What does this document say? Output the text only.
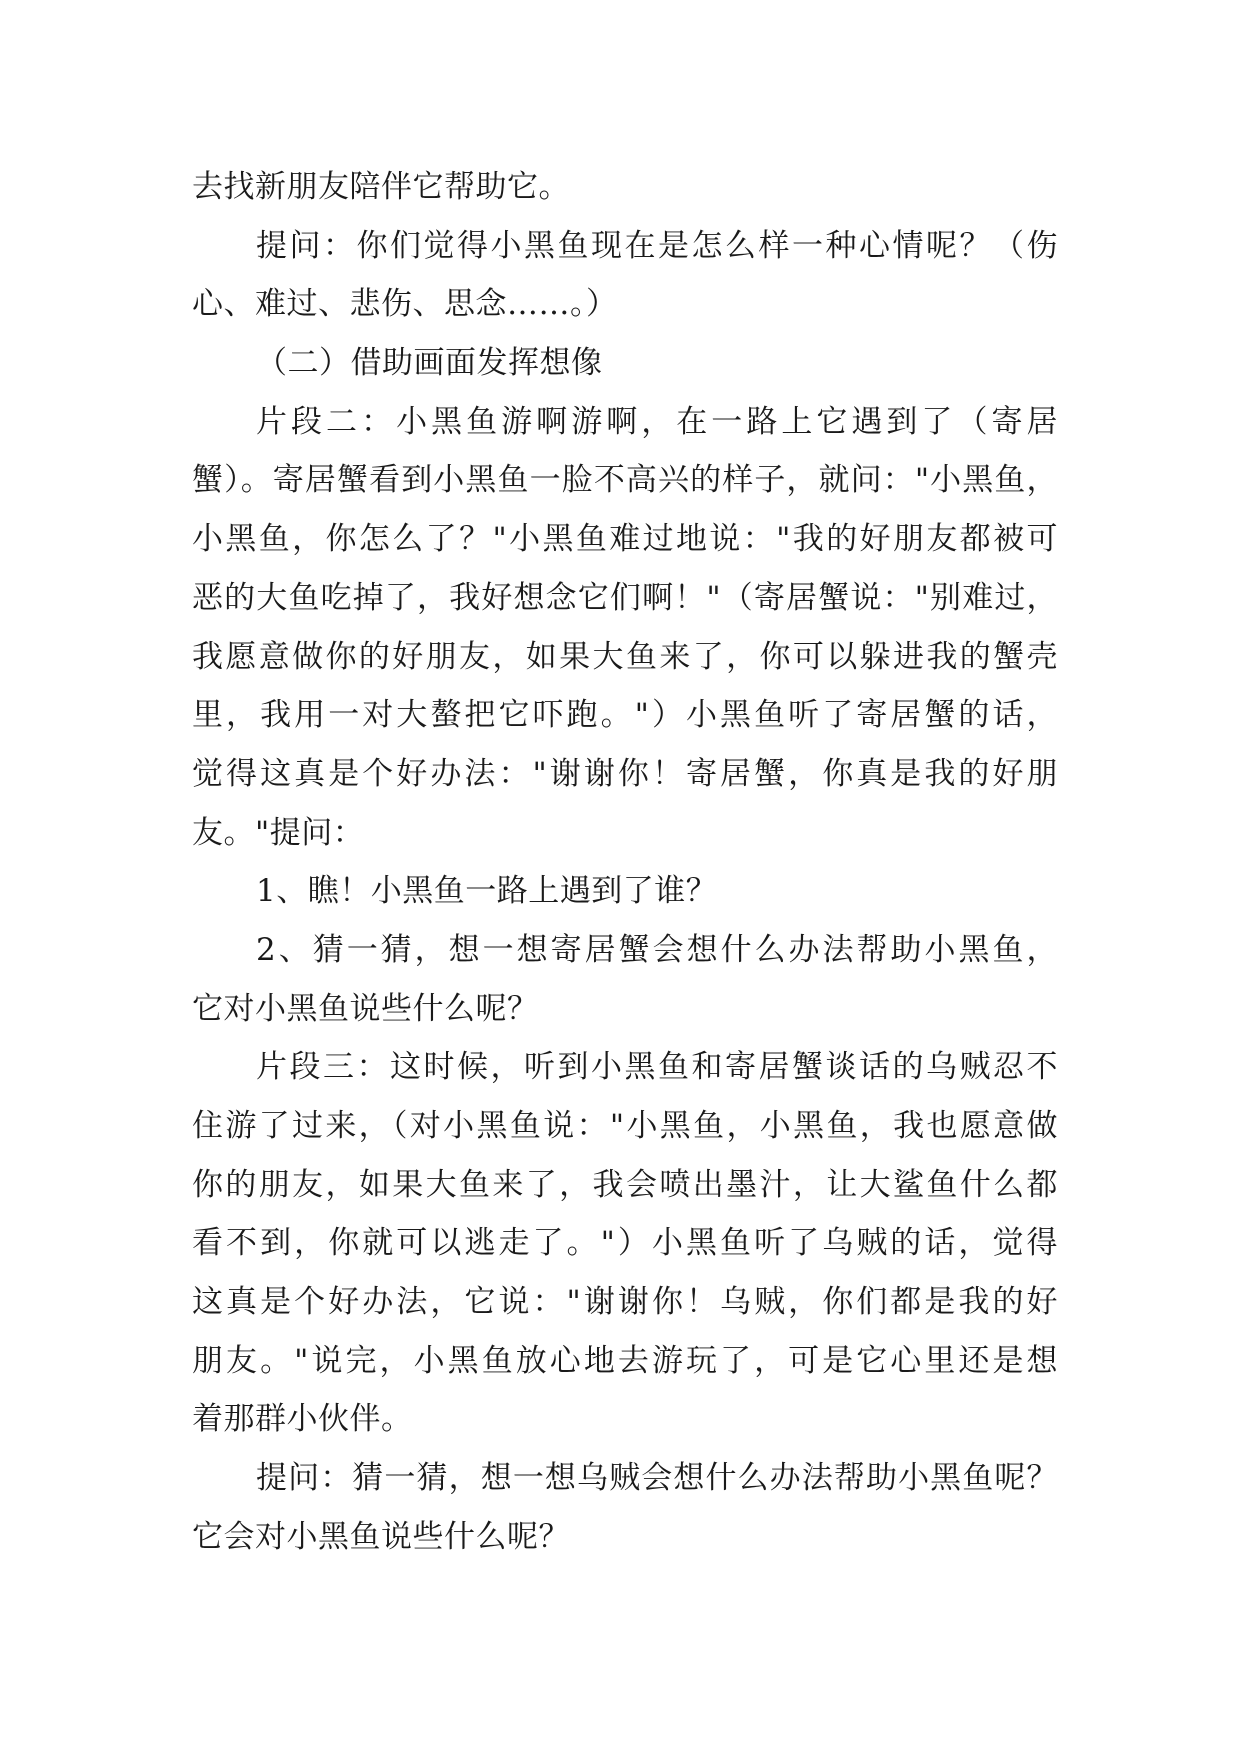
去找新朋友陪伴它帮助它。
提问：你们觉得小黑鱼现在是怎么样一种心情呢？（伤
心、难过、悲伤、思念……。）
（二）借助画面发挥想像
片段二：小黑鱼游啊游啊，在一路上它遇到了（寄居
蟹）。寄居蟹看到小黑鱼一脸不高兴的样子，就问："小黑鱼，
小黑鱼，你怎么了？"小黑鱼难过地说："我的好朋友都被可
恶的大鱼吃掉了，我好想念它们啊！"（寄居蟹说："别难过，
我愿意做你的好朋友，如果大鱼来了，你可以躲进我的蟹壳
里，我用一对大螯把它吓跑。"）小黑鱼听了寄居蟹的话，
觉得这真是个好办法："谢谢你！寄居蟹，你真是我的好朋
友。"提问：
1、瞧！小黑鱼一路上遇到了谁？
2、猜一猜，想一想寄居蟹会想什么办法帮助小黑鱼，
它对小黑鱼说些什么呢？
片段三：这时候，听到小黑鱼和寄居蟹谈话的乌贼忍不
住游了过来，（对小黑鱼说："小黑鱼，小黑鱼，我也愿意做
你的朋友，如果大鱼来了，我会喷出墨汁，让大鲨鱼什么都
看不到，你就可以逃走了。"）小黑鱼听了乌贼的话，觉得
这真是个好办法，它说："谢谢你！乌贼，你们都是我的好
朋友。"说完，小黑鱼放心地去游玩了，可是它心里还是想
着那群小伙伴。
提问：猜一猜，想一想乌贼会想什么办法帮助小黑鱼呢？
它会对小黑鱼说些什么呢？
